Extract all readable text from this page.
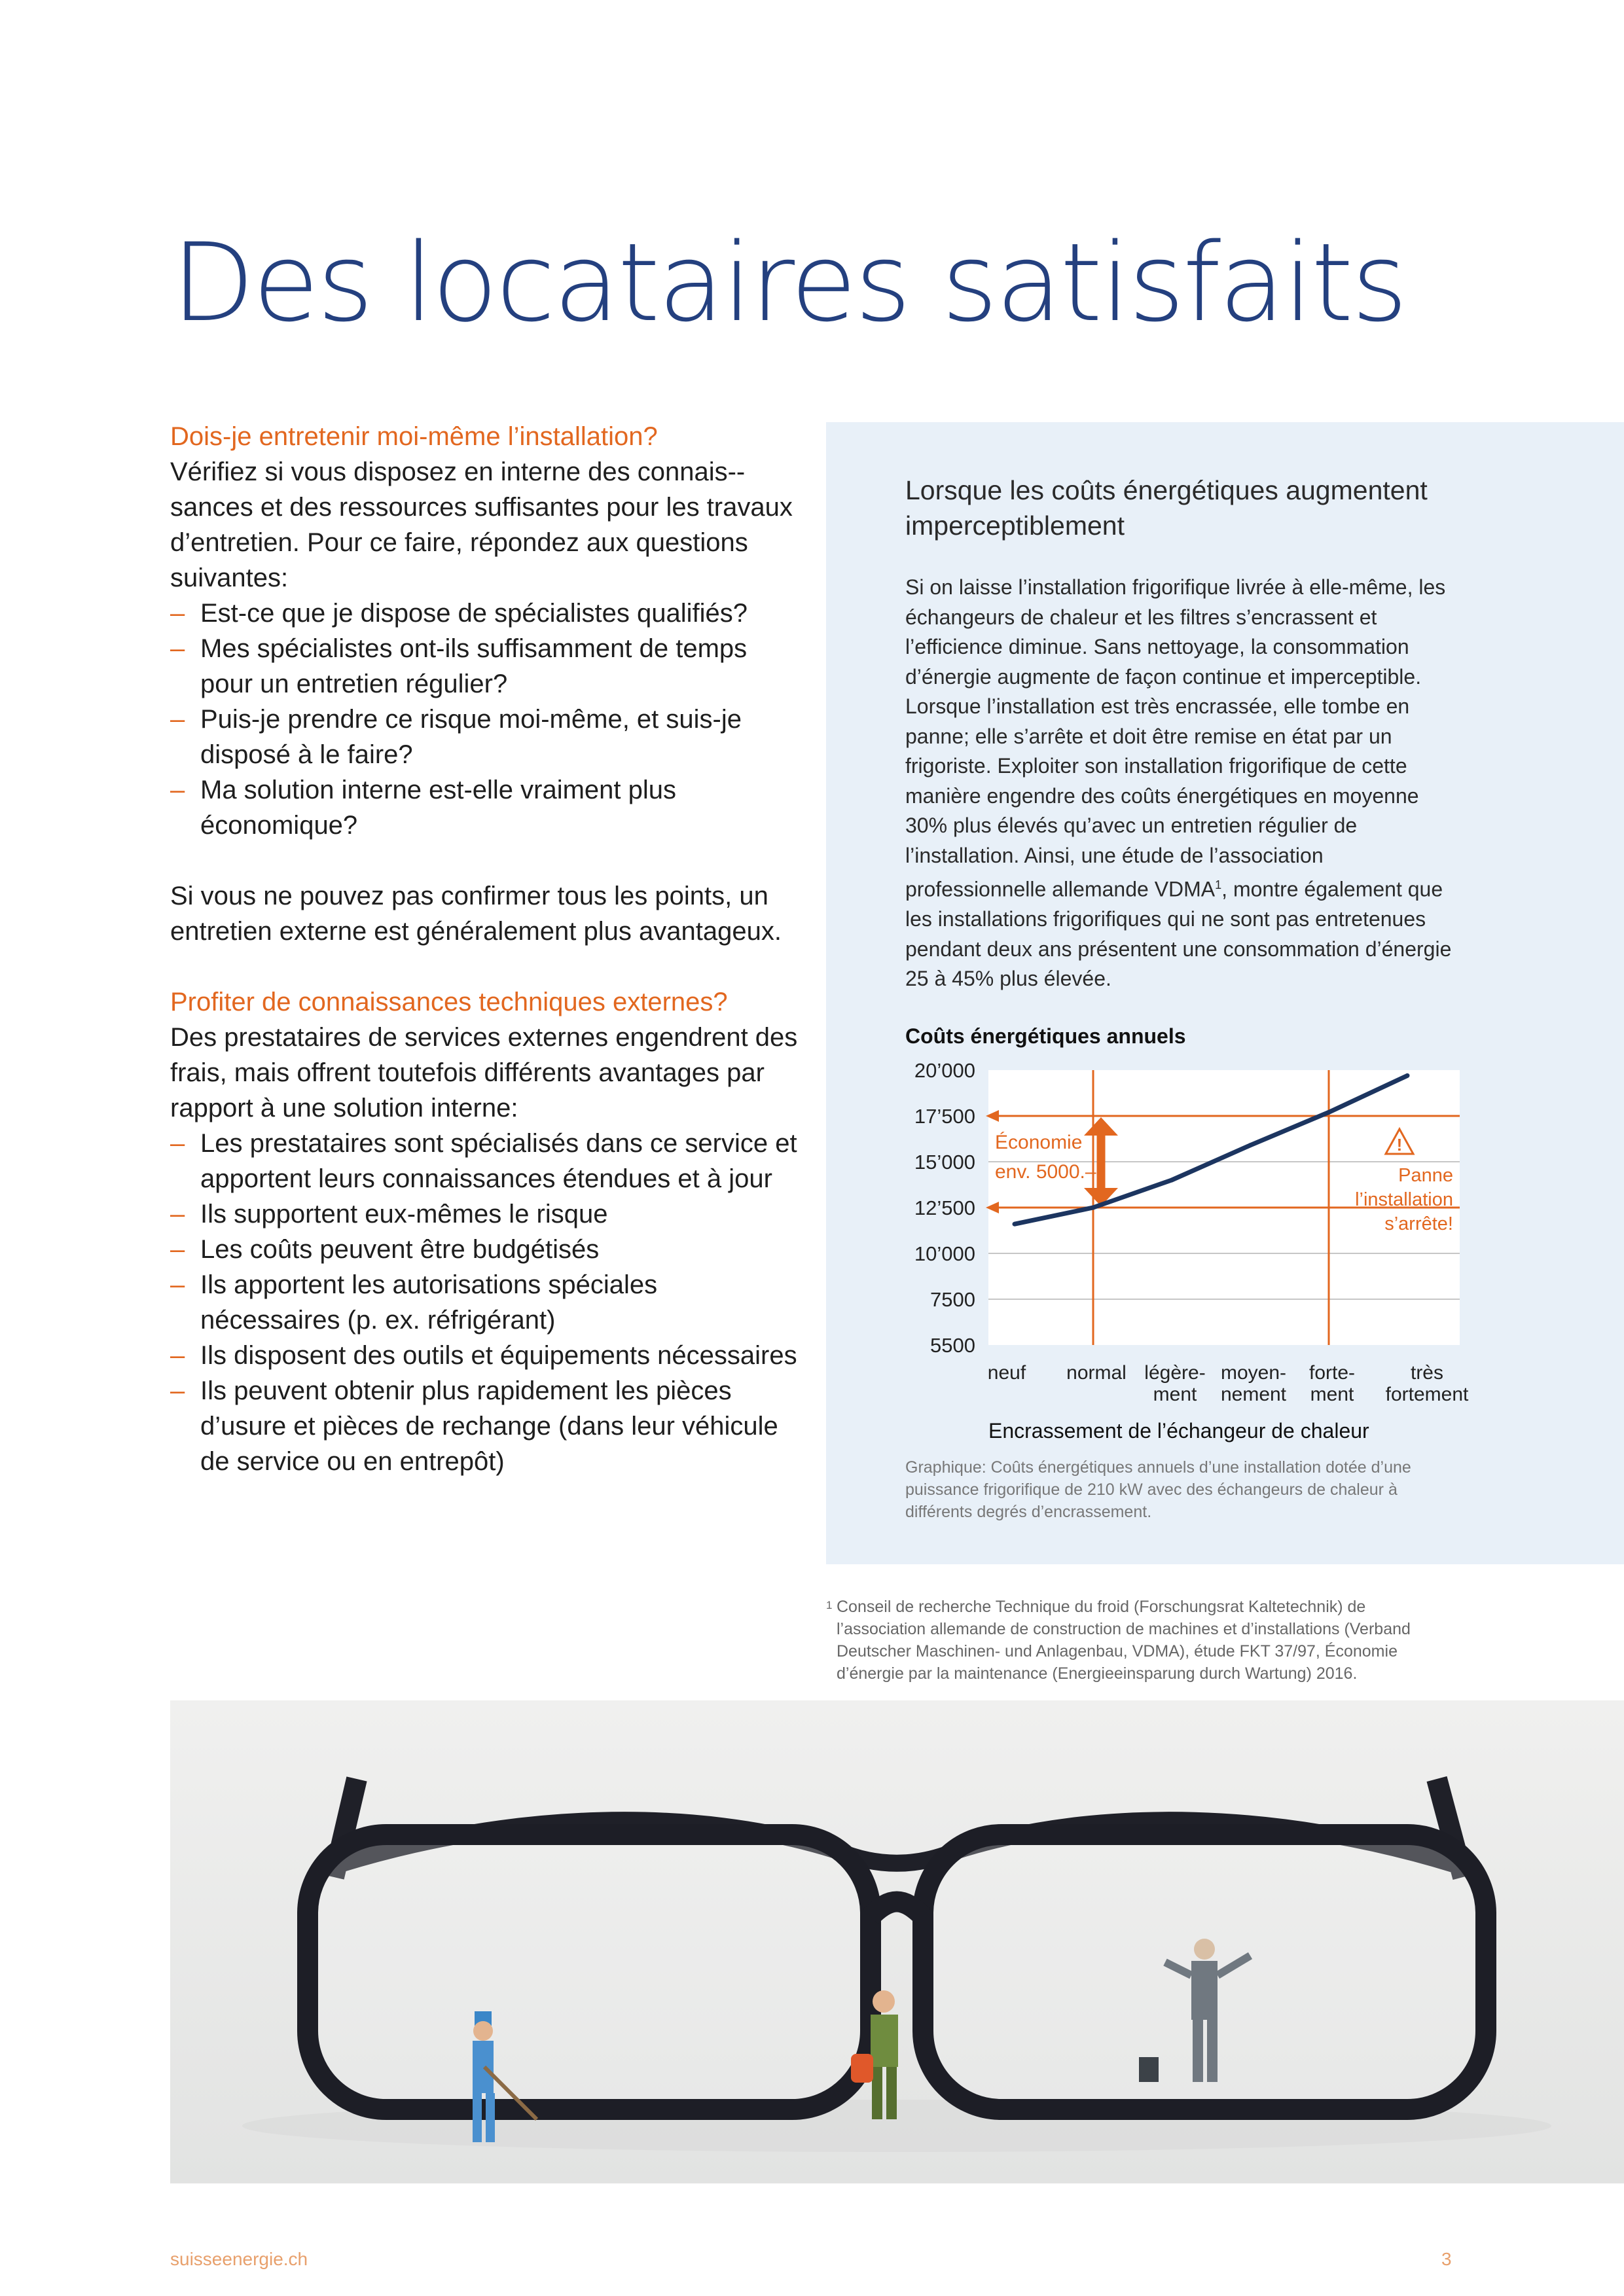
Des locataires satisfaits

Dois-je entretenir moi-même l’installation?

Vérifiez si vous disposez en interne des connais-sances et des ressources suffisantes pour les travaux d’entretien. Pour ce faire, répondez aux questions suivantes:

– Est-ce que je dispose de spécialistes qualifiés?
– Mes spécialistes ont-ils suffisamment de temps pour un entretien régulier?
– Puis-je prendre ce risque moi-même, et suis-je disposé à le faire?
– Ma solution interne est-elle vraiment plus économique?

Si vous ne pouvez pas confirmer tous les points, un entretien externe est généralement plus avantageux.

Profiter de connaissances techniques externes?

Des prestataires de services externes engendrent des frais, mais offrent toutefois différents avantages par rapport à une solution interne:

– Les prestataires sont spécialisés dans ce service et apportent leurs connaissances étendues et à jour
– Ils supportent eux-mêmes le risque
– Les coûts peuvent être budgétisés
– Ils apportent les autorisations spéciales nécessaires (p. ex. réfrigérant)
– Ils disposent des outils et équipements nécessaires
– Ils peuvent obtenir plus rapidement les pièces d’usure et pièces de rechange (dans leur véhicule de service ou en entrepôt)

Lorsque les coûts énergétiques augmentent imperceptiblement

Si on laisse l’installation frigorifique livrée à elle-même, les échangeurs de chaleur et les filtres s’encrassent et l’efficience diminue. Sans nettoyage, la consommation d’énergie augmente de façon continue et imperceptible. Lorsque l’installation est très encrassée, elle tombe en panne; elle s’arrête et doit être remise en état par un frigoriste. Exploiter son installation frigorifique de cette manière engendre des coûts énergétiques en moyenne 30% plus élevés qu’avec un entretien régulier de l’installation. Ainsi, une étude de l’association professionnelle allemande VDMA$^1$, montre également que les installations frigorifiques qui ne sont pas entretenues pendant deux ans présentent une consommation d’énergie 25 à 45% plus élevée.

Coûts énergétiques annuels

20’000
17’500
15’000
12’500
10’000
7500
5500
Économie
env. 5000.–
!
Panne
l’installation
s’arrête!
neuf normal légère-
ment
moyen-
nement
forte-
ment
très
fortement
Encrassement de l’échangeur de chaleur

Graphique: Coûts énergétiques annuels d’une installation dotée d’une puissance frigorifique de 210 kW avec des échangeurs de chaleur à différents degrés d’encrassement.

1 Conseil de recherche Technique du froid (Forschungsrat Kaltetechnik) de l’association allemande de construction de machines et d’installations (Verband Deutscher Maschinen- und Anlagenbau, VDMA), étude FKT 37/97, Économie d’énergie par la maintenance (Energieeinsparung durch Wartung) 2016.
suisseenergie.ch	3
